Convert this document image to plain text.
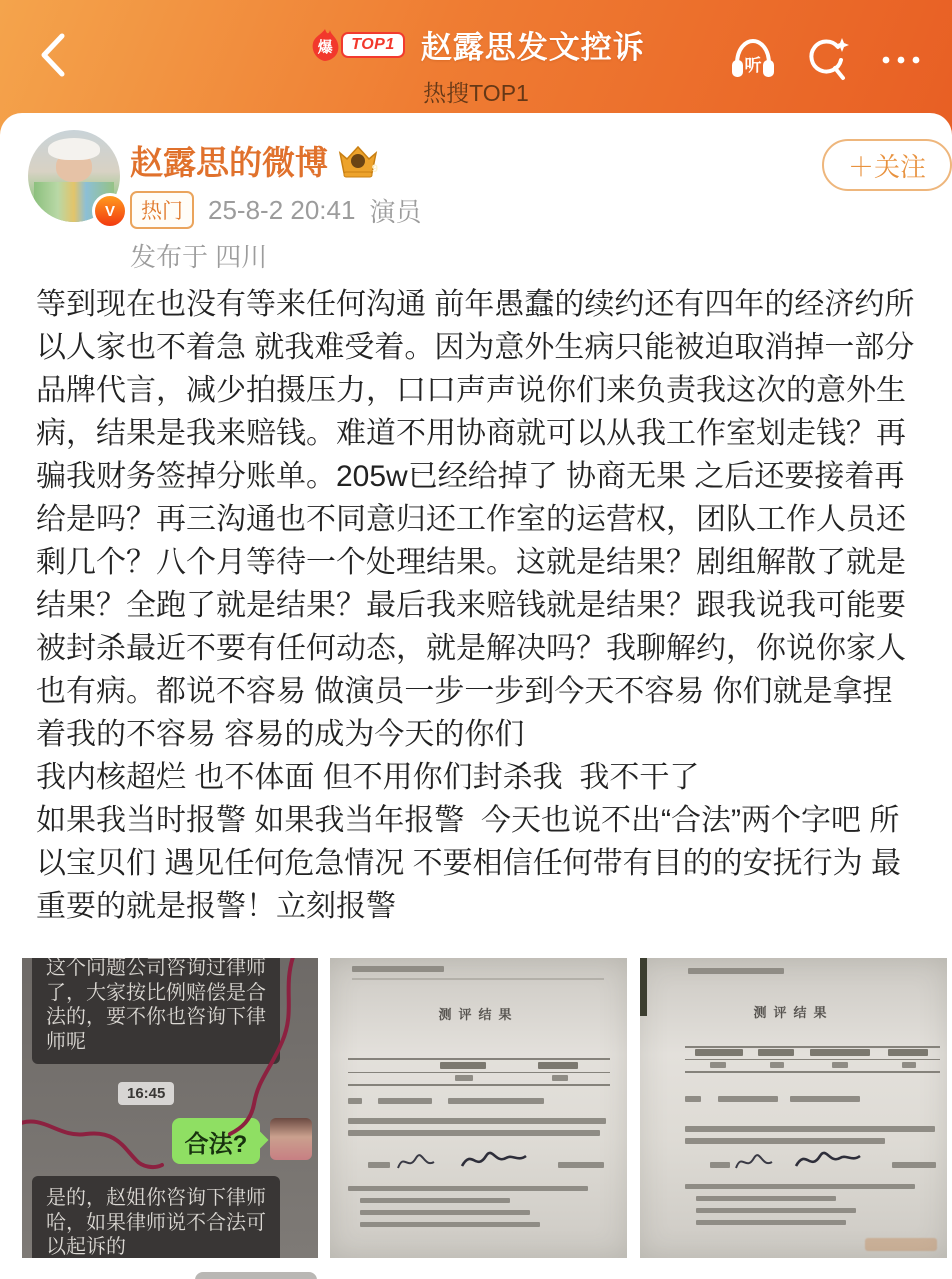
爆	TOP1 赵露思发文控诉
热搜TOP1
听
V
赵露思的微博	9
热门 25-8-2 20:41 演员
发布于 四川
＋关注

等到现在也没有等来任何沟通 前年愚蠢的续约还有四年的经济约所以人家也不着急 就我难受着。因为意外生病只能被迫取消掉一部分品牌代言，减少拍摄压力，口口声声说你们来负责我这次的意外生病，结果是我来赔钱。难道不用协商就可以从我工作室划走钱？再骗我财务签掉分账单。205w已经给掉了 协商无果 之后还要接着再给是吗？再三沟通也不同意归还工作室的运营权，团队工作人员还剩几个？八个月等待一个处理结果。这就是结果？剧组解散了就是结果？全跑了就是结果？最后我来赔钱就是结果？跟我说我可能要被封杀最近不要有任何动态，就是解决吗？我聊解约，你说你家人也有病。都说不容易 做演员一步一步到今天不容易 你们就是拿捏着我的不容易 容易的成为今天的你们

我内核超烂 也不体面 但不用你们封杀我  我不干了

如果我当时报警 如果我当年报警  今天也说不出“合法”两个字吧 所以宝贝们 遇见任何危急情况 不要相信任何带有目的的安抚行为 最重要的就是报警！立刻报警

这个问题公司咨询过律师了，大家按比例赔偿是合法的，要不你也咨询下律师呢
16:45
合法?
是的，赵姐你咨询下律师哈，如果律师说不合法可以起诉的
测评结果	测评结果
